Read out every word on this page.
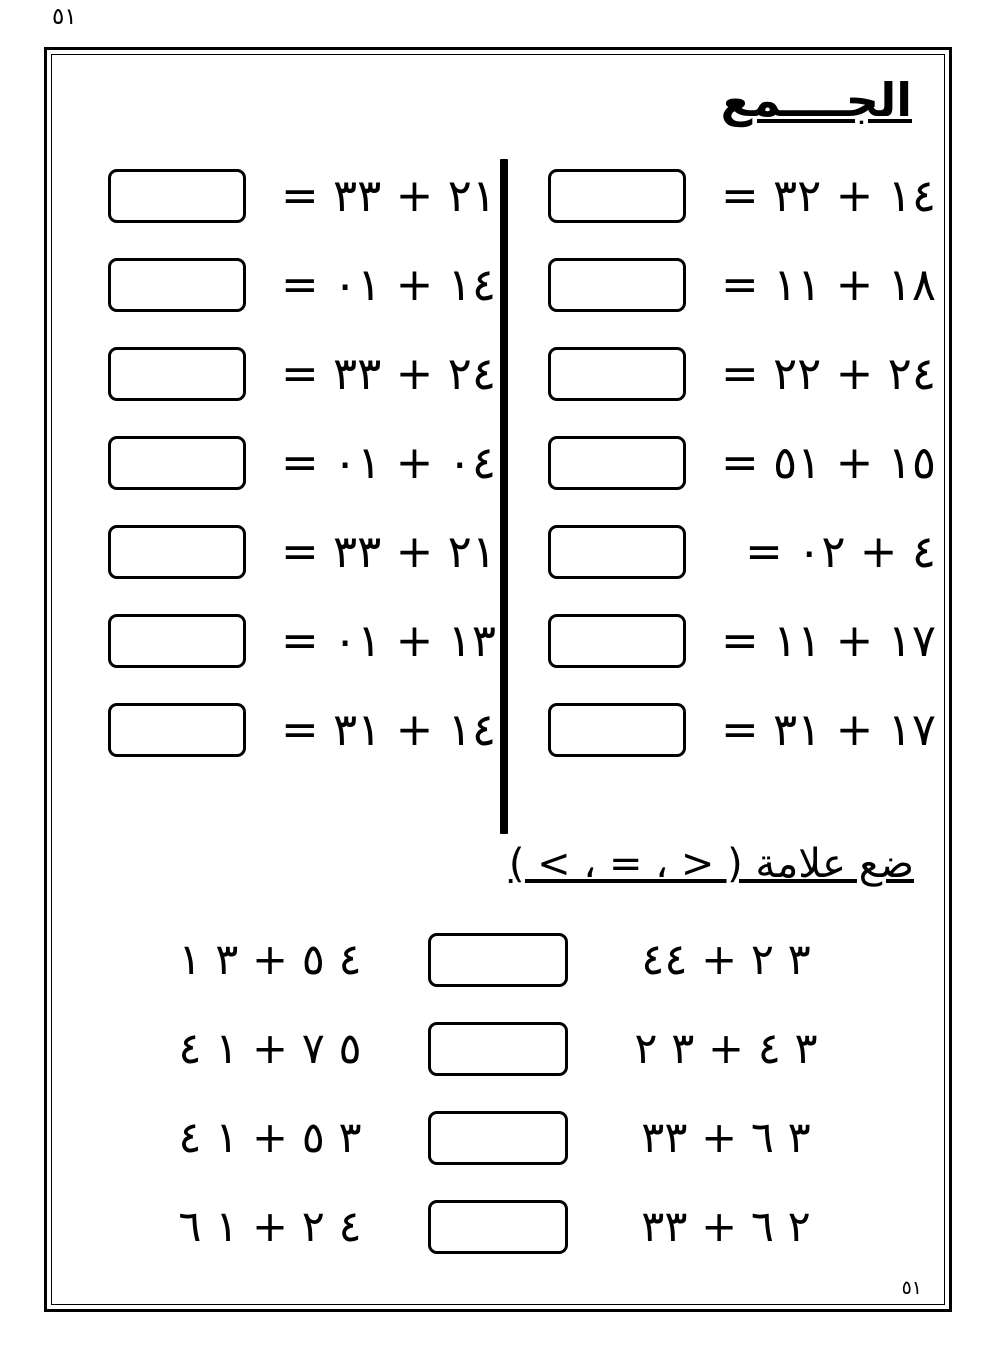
٥١
الجــــمع
١٤ + ٣٢ =
١٨ + ١١ =
٢٤ + ٢٢ =
١٥ + ٥١ =
٤ + ٠٢ =
١٧ + ١١ =
١٧ + ٣١ =
٢١ + ٣٣ =
١٤ + ٠١ =
٢٤ + ٣٣ =
٠٤ + ٠١ =
٢١ + ٣٣ =
١٣ + ٠١ =
١٤ + ٣١ =
ضع علامة ( < ، = ، > )
٣ ٢ + ٤٤
٤ ٥ + ٣ ١
٣ ٤ + ٣ ٢
٥ ٧ + ١ ٤
٣ ٦ + ٣٣
٣ ٥ + ١ ٤
٢ ٦ + ٣٣
٤ ٢ + ١ ٦
٥١
